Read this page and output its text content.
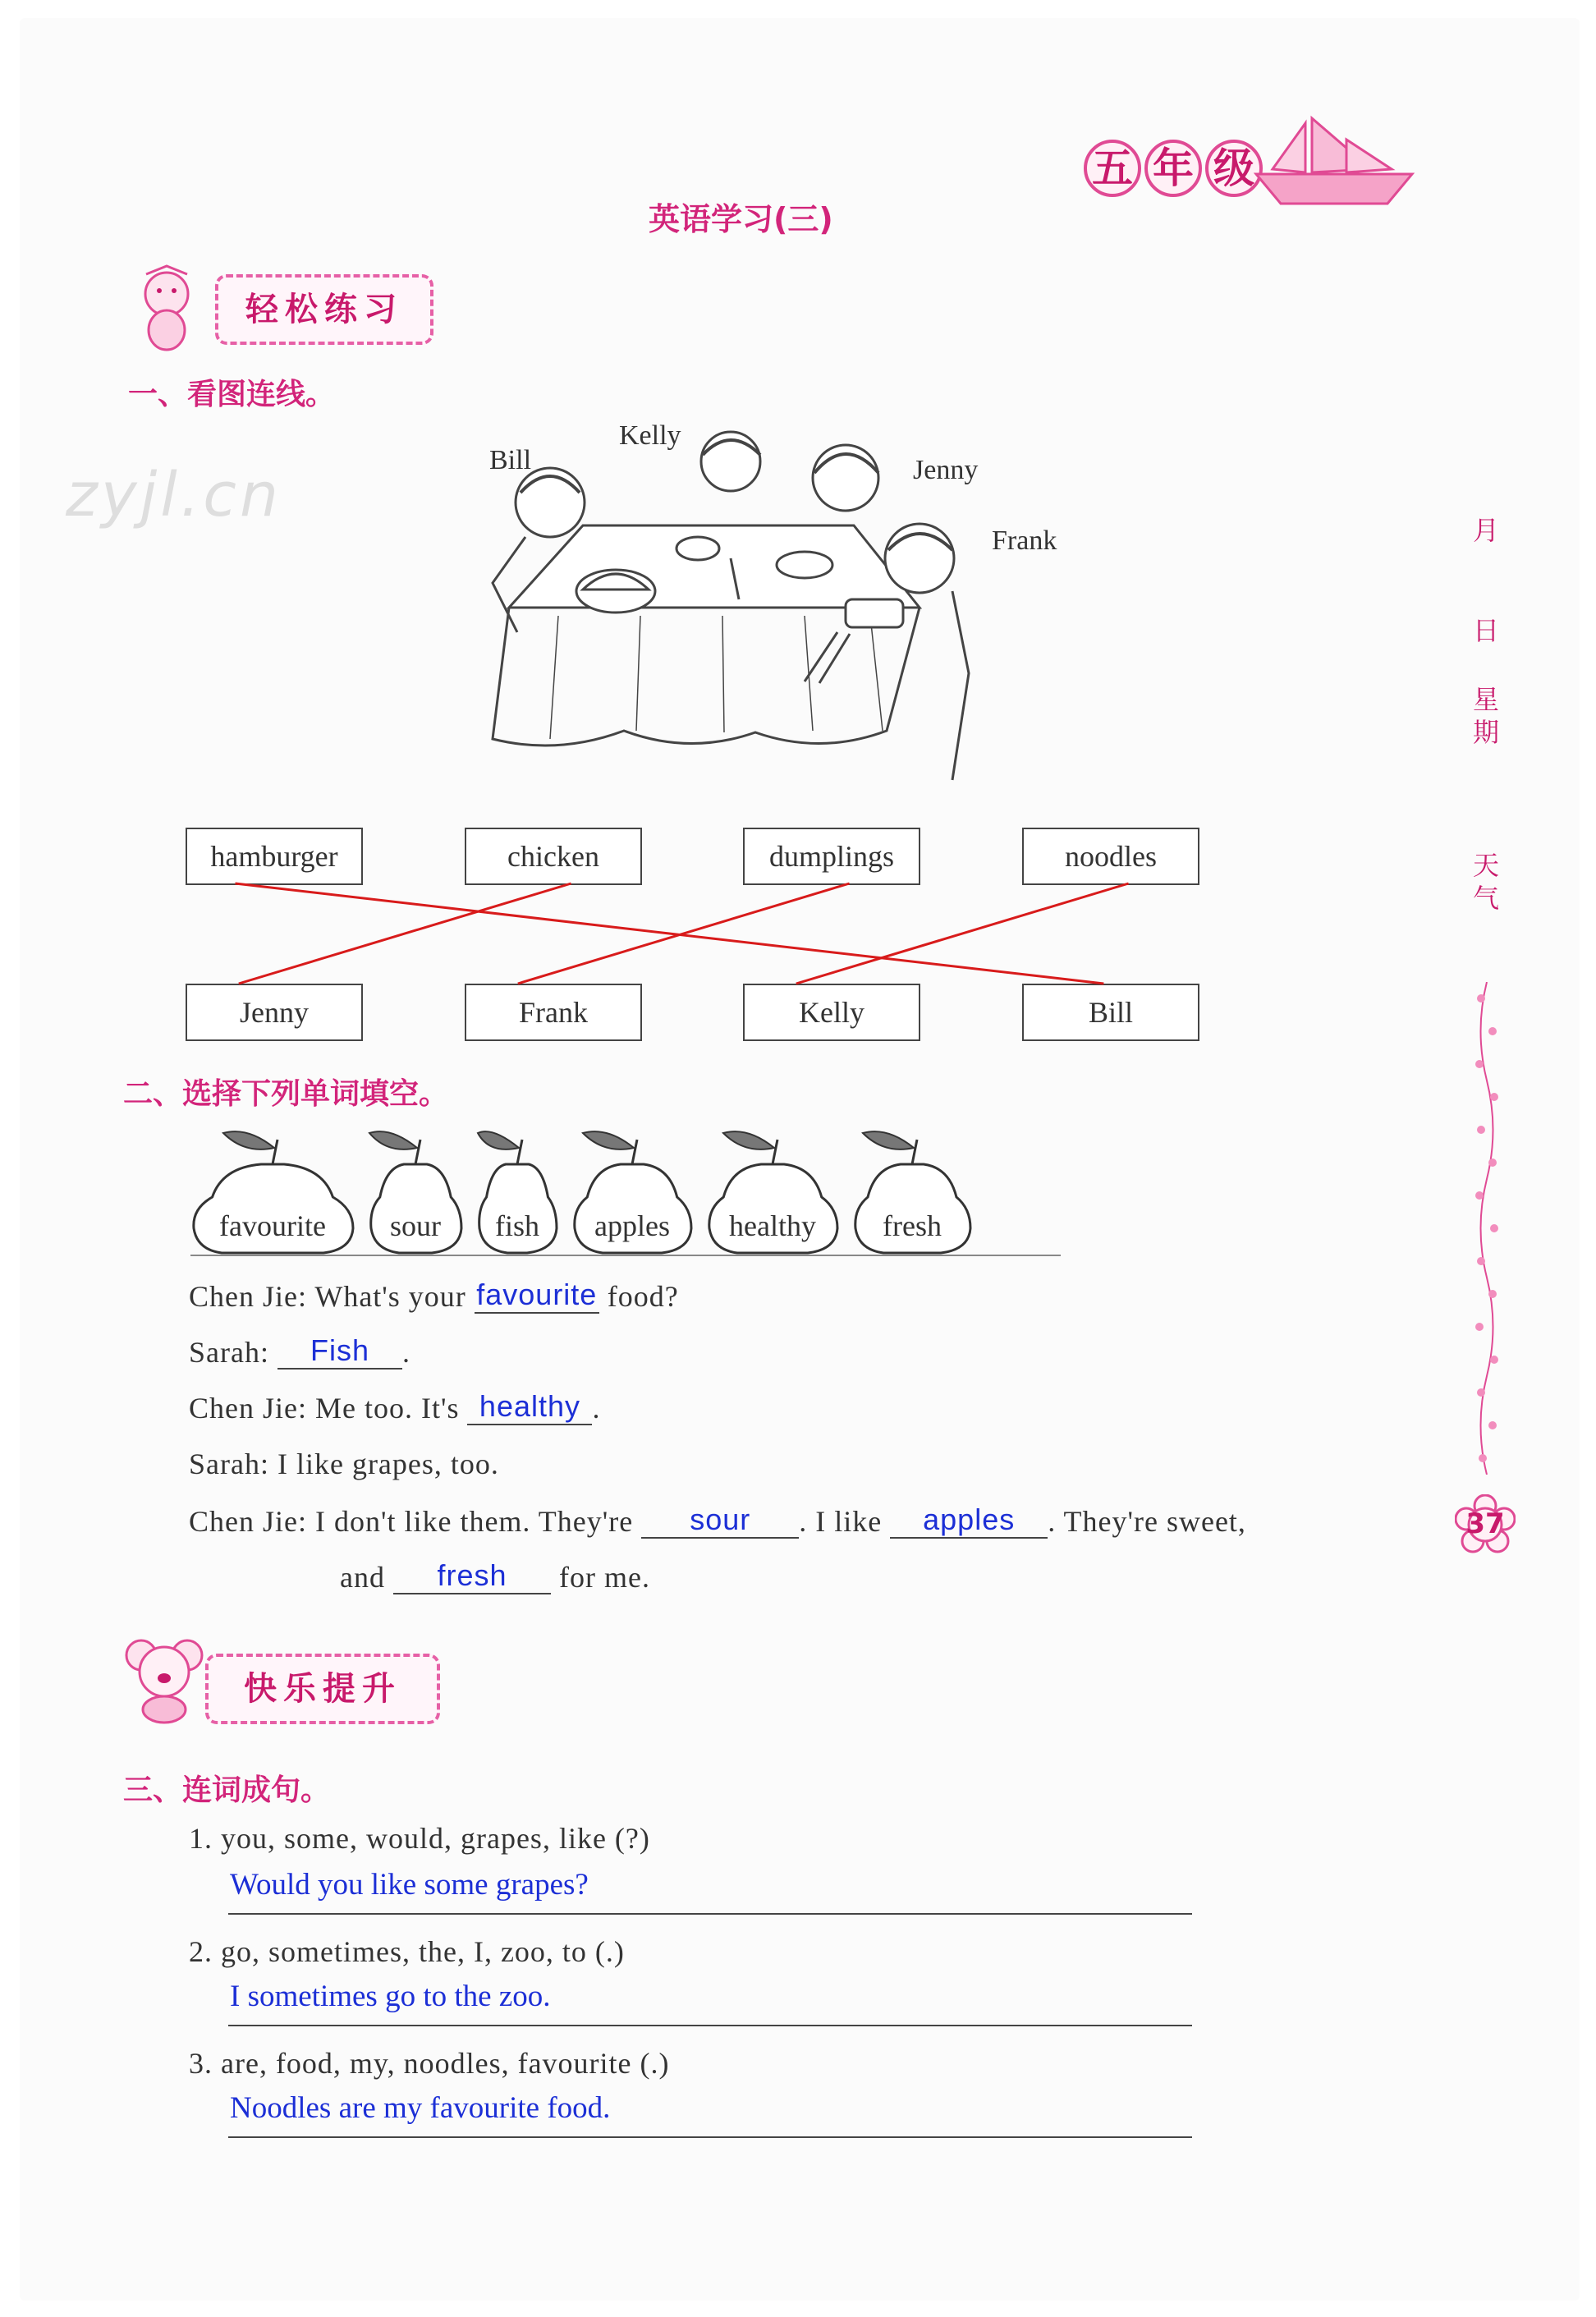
zyjl.cn
五 年 级
英语学习(三)
轻松练习
一、看图连线。
Bill
Kelly
Jenny
Frank
hamburger	chicken	dumplings	noodles
Jenny	Frank	Kelly	Bill
二、选择下列单词填空。
favourite	sour	fish	apples	healthy	fresh
Chen Jie: What's your favourite food?
Sarah: Fish .
Chen Jie: Me too. It's healthy .
Sarah: I like grapes, too.
Chen Jie: I don't like them. They're sour . I like apples . They're sweet,
and fresh for me.
快乐提升
三、连词成句。
1. you, some, would, grapes, like (?)
Would you like some grapes?
2. go, sometimes, the, I, zoo, to (.)
I sometimes go to the zoo.
3. are, food, my, noodles, favourite (.)
Noodles are my favourite food.
月
日
星
期
天
气
37
